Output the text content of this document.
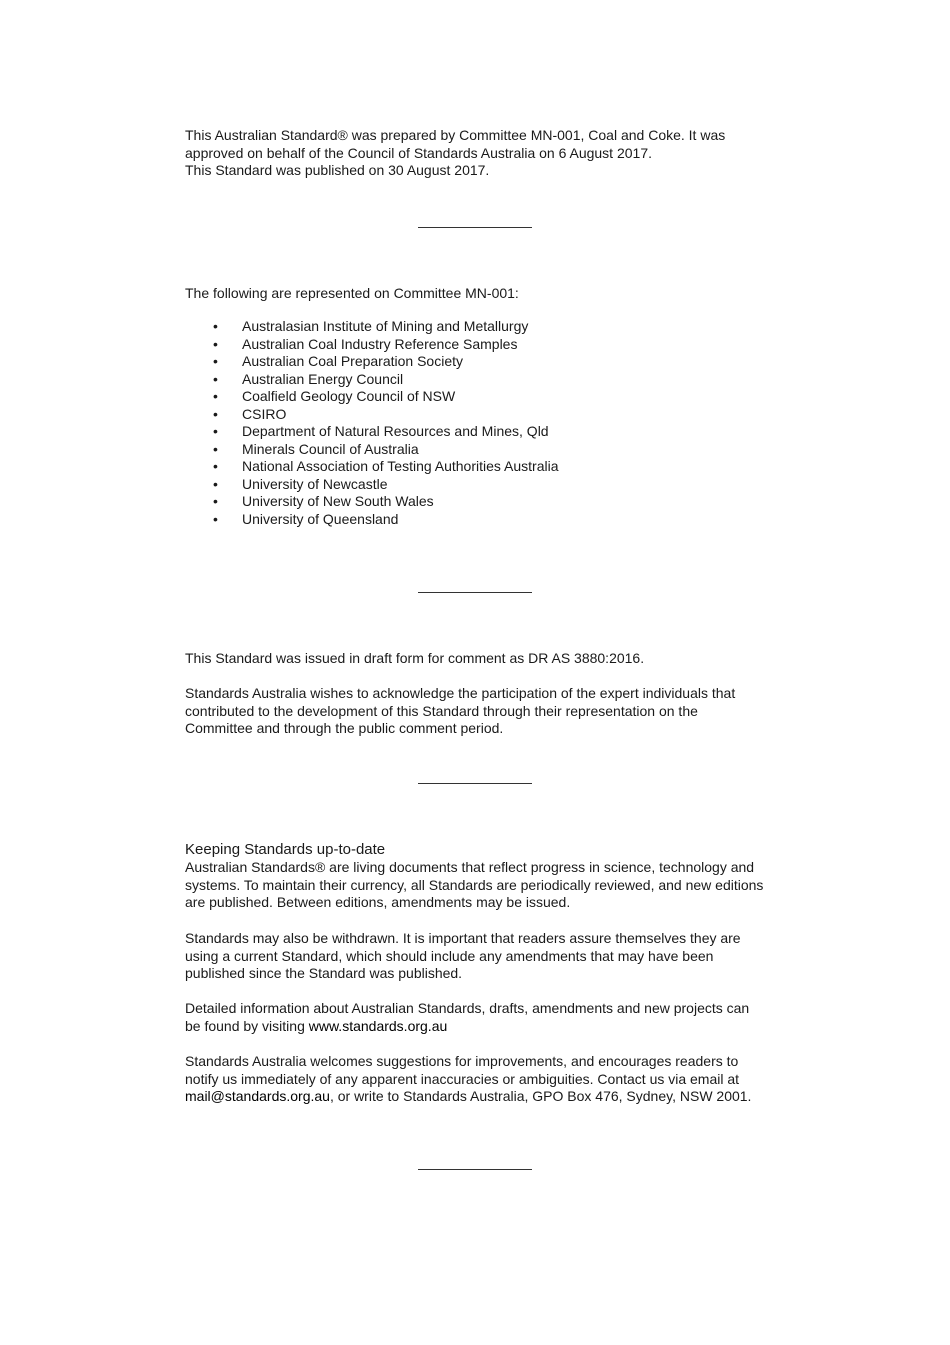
This Australian Standard® was prepared by Committee MN-001, Coal and Coke. It was

approved on behalf of the Council of Standards Australia on 6 August 2017.

This Standard was published on 30 August 2017.

The following are represented on Committee MN-001:

• Australasian Institute of Mining and Metallurgy
• Australian Coal Industry Reference Samples
• Australian Coal Preparation Society
• Australian Energy Council
• Coalfield Geology Council of NSW
• CSIRO
• Department of Natural Resources and Mines, Qld
• Minerals Council of Australia
• National Association of Testing Authorities Australia
• University of Newcastle
• University of New South Wales
• University of Queensland

This Standard was issued in draft form for comment as DR AS 3880:2016.

Standards Australia wishes to acknowledge the participation of the expert individuals that

contributed to the development of this Standard through their representation on the

Committee and through the public comment period.

Keeping Standards up-to-date

Australian Standards® are living documents that reflect progress in science, technology and

systems. To maintain their currency, all Standards are periodically reviewed, and new editions

are published. Between editions, amendments may be issued.

Standards may also be withdrawn. It is important that readers assure themselves they are

using a current Standard, which should include any amendments that may have been

published since the Standard was published.

Detailed information about Australian Standards, drafts, amendments and new projects can

be found by visiting www.standards.org.au

Standards Australia welcomes suggestions for improvements, and encourages readers to

notify us immediately of any apparent inaccuracies or ambiguities. Contact us via email at

mail@standards.org.au, or write to Standards Australia, GPO Box 476, Sydney, NSW 2001.
